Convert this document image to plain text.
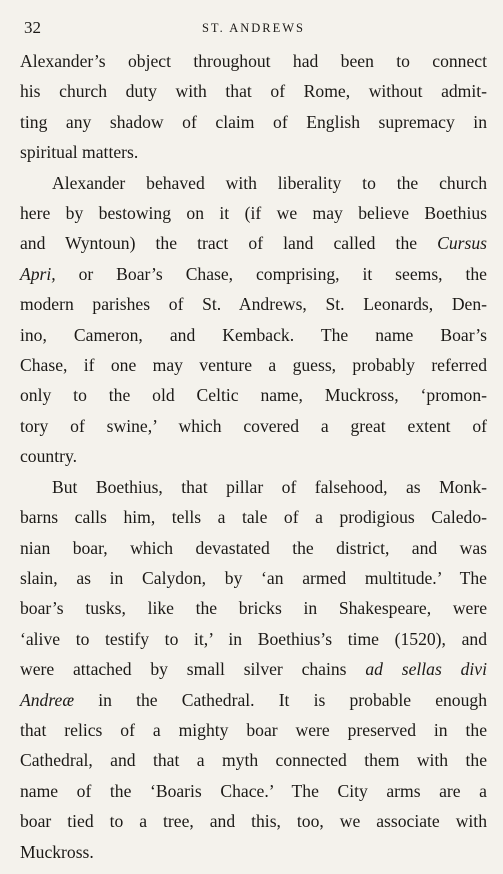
32	ST. ANDREWS

Alexander’s object throughout had been to connect
his church duty with that of Rome, without admit-
ting any shadow of claim of English supremacy in
spiritual matters.

Alexander behaved with liberality to the church
here by bestowing on it (if we may believe Boethius
and Wyntoun) the tract of land called the Cursus
Apri, or Boar’s Chase, comprising, it seems, the
modern parishes of St. Andrews, St. Leonards, Den-
ino, Cameron, and Kemback. The name Boar’s
Chase, if one may venture a guess, probably referred
only to the old Celtic name, Muckross, ‘promon-
tory of swine,’ which covered a great extent of
country.

But Boethius, that pillar of falsehood, as Monk-
barns calls him, tells a tale of a prodigious Caledo-
nian boar, which devastated the district, and was
slain, as in Calydon, by ‘an armed multitude.’ The
boar’s tusks, like the bricks in Shakespeare, were
‘alive to testify to it,’ in Boethius’s time (1520), and
were attached by small silver chains ad sellas divi
Andreæ in the Cathedral. It is probable enough
that relics of a mighty boar were preserved in the
Cathedral, and that a myth connected them with the
name of the ‘Boaris Chace.’ The City arms are a
boar tied to a tree, and this, too, we associate with
Muckross.
